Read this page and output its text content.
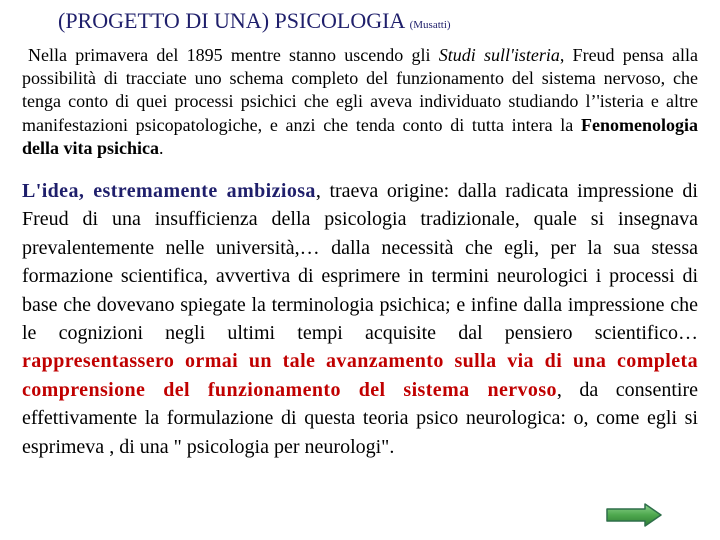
(PROGETTO DI UNA) PSICOLOGIA (Musatti)
Nella primavera del 1895 mentre stanno uscendo gli Studi sull'isteria, Freud pensa alla possibilità di tracciate uno schema completo del funzionamento del sistema nervoso, che tenga conto di quei processi psichici che egli aveva individuato studiando l’'isteria e altre manifestazioni psicopatologiche, e anzi che tenda conto di tutta intera la Fenomenologia della vita psichica.
L'idea, estremamente ambiziosa, traeva origine: dalla radicata impressione di Freud di una insufficienza della psicologia tradizionale, quale si insegnava prevalentemente nelle università,… dalla necessità che egli, per la sua stessa formazione scientifica, avvertiva di esprimere in termini neurologici i processi di base che dovevano spiegate la terminologia psichica; e infine dalla impressione che le cognizioni negli ultimi tempi acquisite dal pensiero scientifico… rappresentassero ormai un tale avanzamento sulla via di una completa comprensione del funzionamento del sistema nervoso, da consentire effettivamente la formulazione di questa teoria psico neurologica: o, come egli si esprimeva , di una " psicologia per neurologi".
